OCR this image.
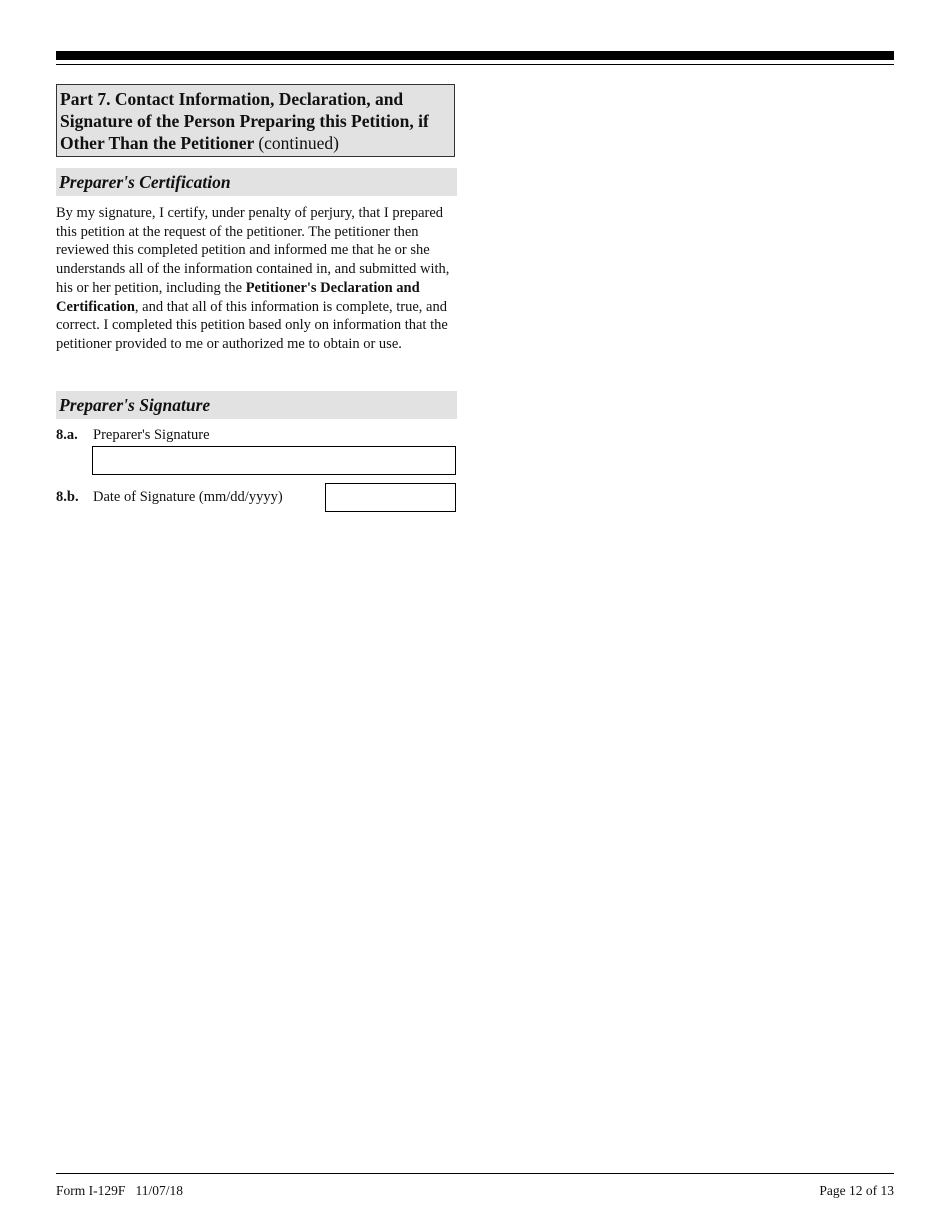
Part 7. Contact Information, Declaration, and Signature of the Person Preparing this Petition, if Other Than the Petitioner (continued)
Preparer's Certification

By my signature, I certify, under penalty of perjury, that I prepared this petition at the request of the petitioner. The petitioner then reviewed this completed petition and informed me that he or she understands all of the information contained in, and submitted with, his or her petition, including the Petitioner's Declaration and Certification, and that all of this information is complete, true, and correct. I completed this petition based only on information that the petitioner provided to me or authorized me to obtain or use.

Preparer's Signature
8.a. Preparer's Signature
8.b. Date of Signature (mm/dd/yyyy)
Form I-129F   11/07/18	Page 12 of 13
